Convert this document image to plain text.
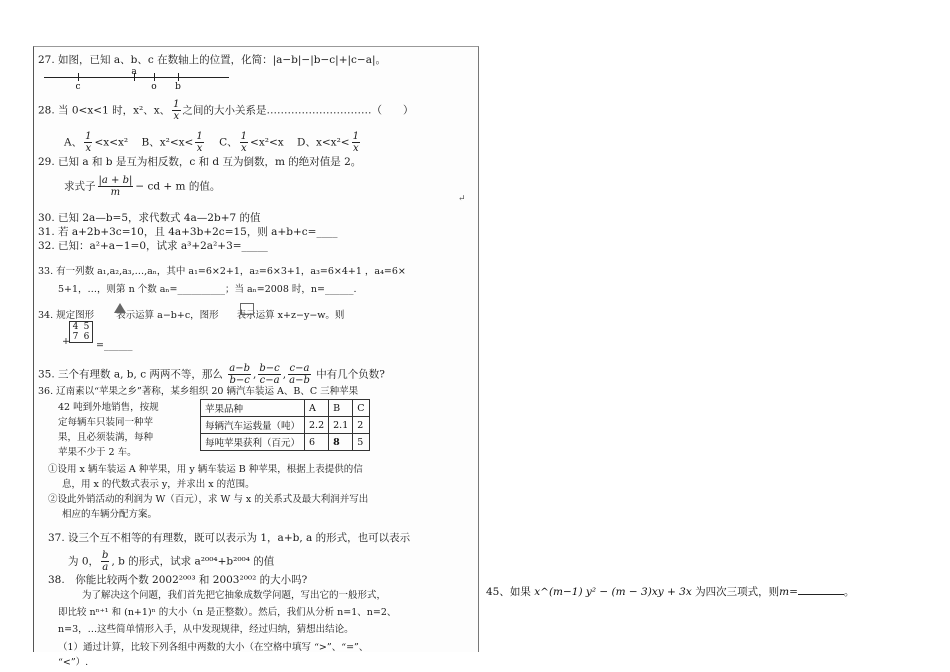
27. 如图，已知 a、b、c 在数轴上的位置，化简：|a−b|−|b−c|+|c−a|。
c
a
o	b
28. 当 0<x<1 时，x²、x、 $\frac{1}{x}$ 之间的大小关系是…………………………（　　）
A、 $\frac{1}{x} <x<x^2$ B、$x^2<x< \frac{1}{x}$ C、 $\frac{1}{x} <x^2<x$ D、$x<x^2< \frac{1}{x}$
29. 已知 a 和 b 是互为相反数，c 和 d 互为倒数，m 的绝对值是 2。
求式子 $\frac{|a + b|}{m}$ − cd + m 的值。
30. 已知 2a—b=5，求代数式 4a—2b+7 的值
31. 若 a+2b+3c=10，且 4a+3b+2c=15，则 a+b+c=____
32. 已知：a²+a−1=0，试求 a³+2a²+3=_____
33. 有一列数 a₁,a₂,a₃,…,aₙ，其中 a₁=6×2+1，a₂=6×3+1，a₃=6×4+1 ，a₄=6×
5+1，…，则第 n 个数 aₙ=__________；当 aₙ=2008 时，n=______.
34. 规定图形 表示运算 a−b+c，图形 表示运算 x+z−y−w。则
4 5
7 6
+	=______
35. 三个有理数 a, b, c 两两不等，那么 $\frac{a-b}{b-c}$ , $\frac{b-c}{c-a}$ , $\frac{c-a}{a-b}$ 中有几个负数?
36. 辽南素以“苹果之乡”著称，某乡组织 20 辆汽车装运 A、B、C 三种苹果
42 吨到外地销售，按规
定每辆车只装同一种苹
果，且必须装满，每种
苹果不少于 2 车。
苹果品种	A	B	C
每辆汽车运载量（吨）	2.2	2.1	2
每吨苹果获利（百元）	6	8	5
①设用 x 辆车装运 A 种苹果，用 y 辆车装运 B 种苹果，根据上表提供的信
息，用 x 的代数式表示 y，并求出 x 的范围。
②设此外销活动的利润为 W（百元），求 W 与 x 的关系式及最大利润并写出
相应的车辆分配方案。
37. 设三个互不相等的有理数，既可以表示为 1，a+b, a 的形式，也可以表示
为 0， $\frac{b}{a}$ , b 的形式，试求 a²⁰⁰⁴+b²⁰⁰⁴ 的值
38.　你能比较两个数 2002²⁰⁰³ 和 2003²⁰⁰² 的大小吗?
为了解决这个问题，我们首先把它抽象成数学问题，写出它的一般形式，
即比较 nⁿ⁺¹ 和 (n+1)ⁿ 的大小（n 是正整数）。然后，我们从分析 n=1、n=2、
n=3，…这些简单情形入手，从中发现规律，经过归纳，猜想出结论。
（1）通过计算，比较下列各组中两数的大小（在空格中填写 “>”、“=”、
“<”）.
↵
45、如果 x^(m−1) y² − (m − 3)xy + 3x 为四次三项式，则m=	。
